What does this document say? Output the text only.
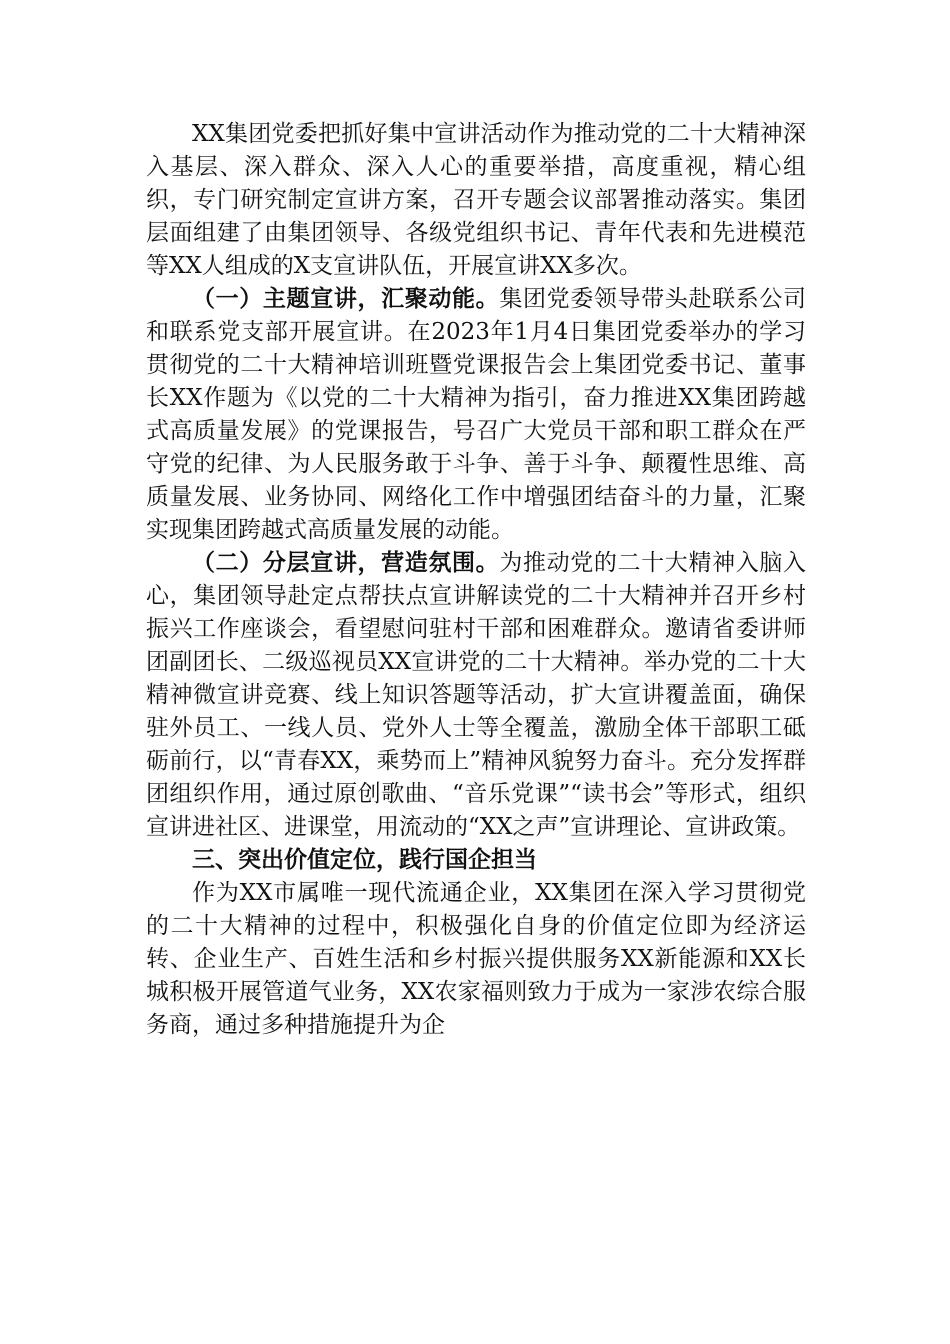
XX集团党委把抓好集中宣讲活动作为推动党的二十大精神深入基层、深入群众、深入人心的重要举措，高度重视，精心组织，专门研究制定宣讲方案，召开专题会议部署推动落实。集团层面组建了由集团领导、各级党组织书记、青年代表和先进模范等XX人组成的X支宣讲队伍，开展宣讲XX多次。

（一）主题宣讲，汇聚动能。集团党委领导带头赴联系公司和联系党支部开展宣讲。在2023年1月4日集团党委举办的学习贯彻党的二十大精神培训班暨党课报告会上集团党委书记、董事长XX作题为《以党的二十大精神为指引，奋力推进XX集团跨越式高质量发展》的党课报告，号召广大党员干部和职工群众在严守党的纪律、为人民服务敢于斗争、善于斗争、颠覆性思维、高质量发展、业务协同、网络化工作中增强团结奋斗的力量，汇聚实现集团跨越式高质量发展的动能。

（二）分层宣讲，营造氛围。为推动党的二十大精神入脑入心，集团领导赴定点帮扶点宣讲解读党的二十大精神并召开乡村振兴工作座谈会，看望慰问驻村干部和困难群众。邀请省委讲师团副团长、二级巡视员XX宣讲党的二十大精神。举办党的二十大精神微宣讲竞赛、线上知识答题等活动，扩大宣讲覆盖面，确保驻外员工、一线人员、党外人士等全覆盖，激励全体干部职工砥砺前行，以“青春XX，乘势而上”精神风貌努力奋斗。充分发挥群团组织作用，通过原创歌曲、“音乐党课”“读书会”等形式，组织宣讲进社区、进课堂，用流动的“XX之声”宣讲理论、宣讲政策。

三、突出价值定位，践行国企担当

作为XX市属唯一现代流通企业，XX集团在深入学习贯彻党的二十大精神的过程中，积极强化自身的价值定位即为经济运转、企业生产、百姓生活和乡村振兴提供服务XX新能源和XX长城积极开展管道气业务，XX农家福则致力于成为一家涉农综合服务商，通过多种措施提升为企
